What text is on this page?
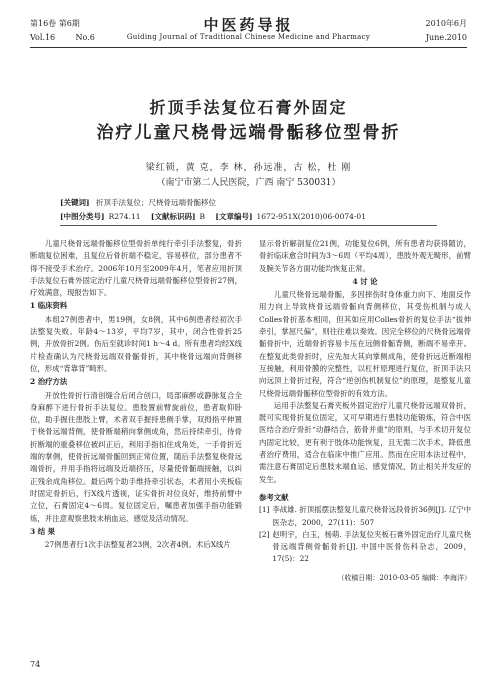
第16卷 第6期	中医药导报	2010年6月
Vol.16	No.6	Guiding Journal of Traditional Chinese Medicine and Pharmacy	June.2010
折顶手法复位石膏外固定
治疗儿童尺桡骨远端骨骺移位型骨折
梁红锁，黄 克，李 林，孙远准，古 松，杜 刚
（南宁市第二人民医院，广西 南宁 530031）
[关键词] 折顶手法复位；尺桡骨远端骨骺移位
[中图分类号] R274.11 [文献标识码] B [文章编号] 1672-951X(2010)06-0074-01

儿童尺桡骨远端骨骺移位型骨折单纯行牵引手法整复，骨折断端复位困难，且复位后骨折端不稳定，容易移位，部分患者不得不接受手术治疗。2006年10月至2009年4月，笔者应用折顶手法复位石膏外固定治疗儿童尺桡骨远端骨骺移位型骨折27例，疗效满意，现报告如下。

1 临床资料

本组27例患者中，男19例，女8例，其中6例患者经初次手法整复失败。年龄4～13岁，平均7岁，其中，闭合性骨折25例，开放骨折2例。伤后至就诊时间1 h～4 d。所有患者均经X线片检查确认为尺桡骨远端双骨骺骨折，其中桡骨远端向背侧移位，形成“背靠背”畸形。

2 治疗方法

开放性骨折行清创缝合后闭合创口，局部麻醉或静脉复合全身麻醉下进行骨折手法复位。患肢置前臂旋前位，患者取仰卧位，助手握住患肢上臂，术者双手握持患侧手掌，双拇指平伸置于桡骨远端背侧，使骨断端稍向掌侧成角，然后持续牵引，待骨折断端的重叠移位被纠正后，利用手指扣住成角处，一手骨折近端的掌侧，使骨折远端骨骺回到正常位置，随后手法整复桡骨远端骨折，并用手指将远端及近端挤压，尽量使骨骺端接触，以纠正残余成角移位。最后两个助手维持牵引状态，术者用小夹板临时固定骨折后，行X线片透视，证实骨折对位良好，维持前臂中立位，石膏固定4～6周。复位固定后，嘱患者加强手指功能锻炼，并注意观察患肢末梢血运、感觉及活动情况。

3 结 果

27例患者行1次手法整复者23例，2次者4例。术后X线片

显示骨折解剖复位21例，功能复位6例，所有患者均获得随访，骨折临床愈合时间为3～6周（平均4周），患肢外观无畸形，前臂及腕关节各方面功能均恢复正常。

4 讨 论

儿童尺桡骨远端骨骺，多因摔伤时身体重力向下、地面反作用力向上导致桡骨远端骨骺向背侧移位，其受伤机制与成人Colles骨折基本相同，但其如应用Colles骨折的复位手法“拔伸牵引，掌屈尺偏”，则往往难以奏效。因完全移位的尺桡骨远端骨骺骨折中，近端骨折容易卡压在远侧骨骺背侧，断端不易牵开。在整复此类骨折时，应先加大其向掌侧成角，使骨折远近断端相互接触，利用骨膜的完整性，以杠杆原理进行复位，折顶手法只向远顶上骨折过程，符合“逆创伤机制复位”的原理，是整复儿童尺桡骨远端骨骺移位型骨折的有效方法。

运用手法整复石膏夹板外固定治疗儿童尺桡骨远端双骨折，既可实现骨折复位固定，又可早期进行患肢功能锻炼，符合中医医结合治疗骨折“动静结合，筋骨并重”的原则，与手术切开复位内固定比较，更有利于肢体功能恢复，且无需二次手术，降低患者治疗费用，适合在临床中推广应用。然而在应用本法过程中，需注意石膏固定后患肢末端血运、感觉情况，防止相关并发症的发生。

参考文献

[1] 李战雄. 折顶摇摆法整复儿童尺桡骨远段骨折36例[J]. 辽宁中医杂志，2000，27(11)：507

[2] 赵明宇，白玉，杨萌. 手法复位夹板石膏外固定治疗儿童尺桡骨远端背侧骨骺骨折[J]. 中国中医骨伤科杂志，2009，17(5)：22

（收稿日期：2010-03-05 编辑：李海洋）

74
